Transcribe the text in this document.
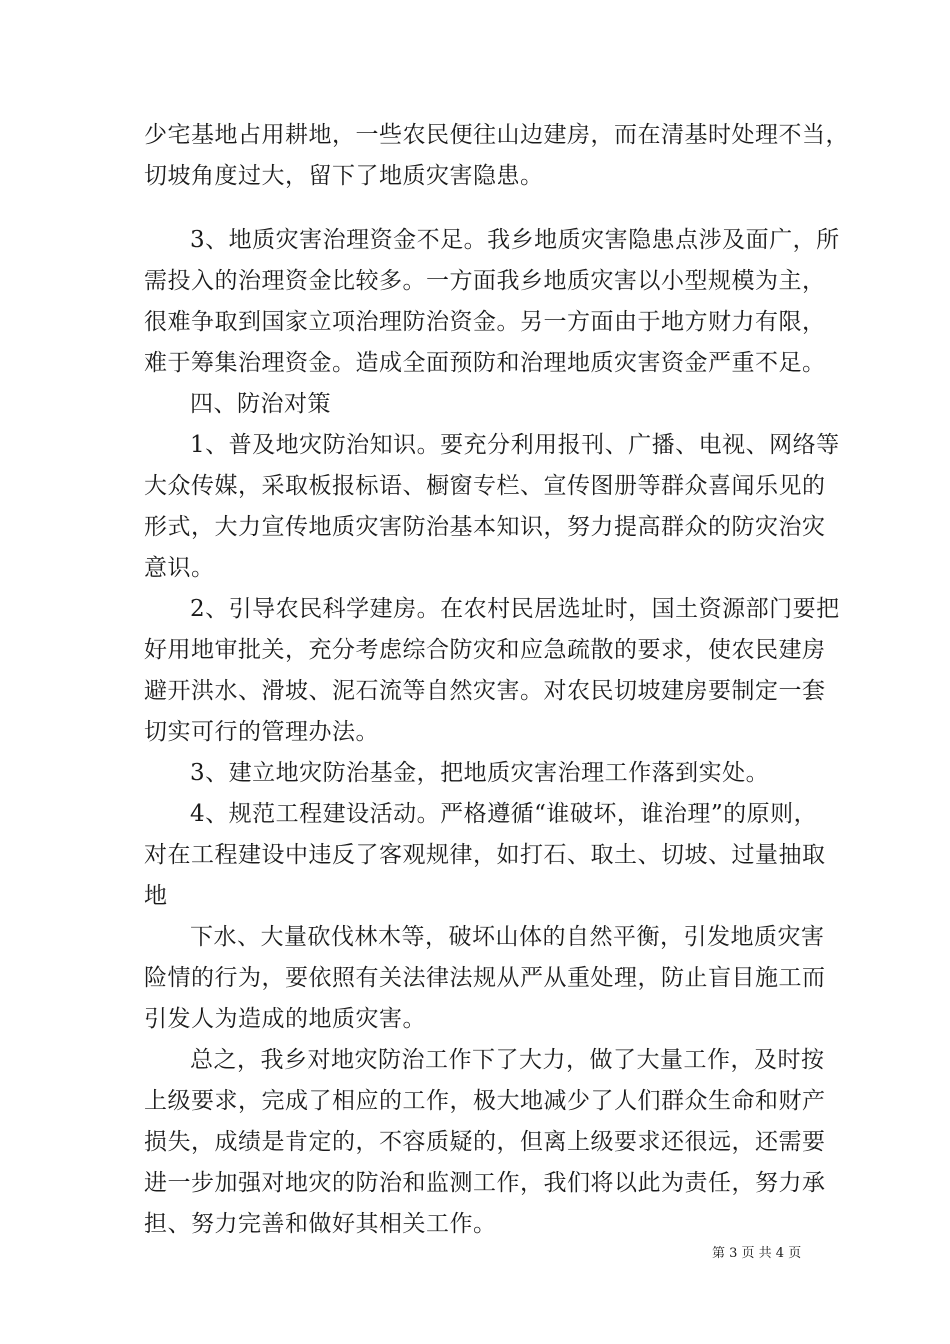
少宅基地占用耕地，一些农民便往山边建房，而在清基时处理不当，
切坡角度过大，留下了地质灾害隐患。
3、地质灾害治理资金不足。我乡地质灾害隐患点涉及面广，所
需投入的治理资金比较多。一方面我乡地质灾害以小型规模为主，
很难争取到国家立项治理防治资金。另一方面由于地方财力有限，
难于筹集治理资金。造成全面预防和治理地质灾害资金严重不足。
四、防治对策
1、普及地灾防治知识。要充分利用报刊、广播、电视、网络等
大众传媒，采取板报标语、橱窗专栏、宣传图册等群众喜闻乐见的
形式，大力宣传地质灾害防治基本知识，努力提高群众的防灾治灾
意识。
2、引导农民科学建房。在农村民居选址时，国土资源部门要把
好用地审批关，充分考虑综合防灾和应急疏散的要求，使农民建房
避开洪水、滑坡、泥石流等自然灾害。对农民切坡建房要制定一套
切实可行的管理办法。
3、建立地灾防治基金，把地质灾害治理工作落到实处。
4、规范工程建设活动。严格遵循“谁破坏，谁治理”的原则，
对在工程建设中违反了客观规律，如打石、取土、切坡、过量抽取
地
下水、大量砍伐林木等，破坏山体的自然平衡，引发地质灾害
险情的行为，要依照有关法律法规从严从重处理，防止盲目施工而
引发人为造成的地质灾害。
总之，我乡对地灾防治工作下了大力，做了大量工作，及时按
上级要求，完成了相应的工作，极大地减少了人们群众生命和财产
损失，成绩是肯定的，不容质疑的，但离上级要求还很远，还需要
进一步加强对地灾的防治和监测工作，我们将以此为责任，努力承
担、努力完善和做好其相关工作。
第 3 页 共 4 页
